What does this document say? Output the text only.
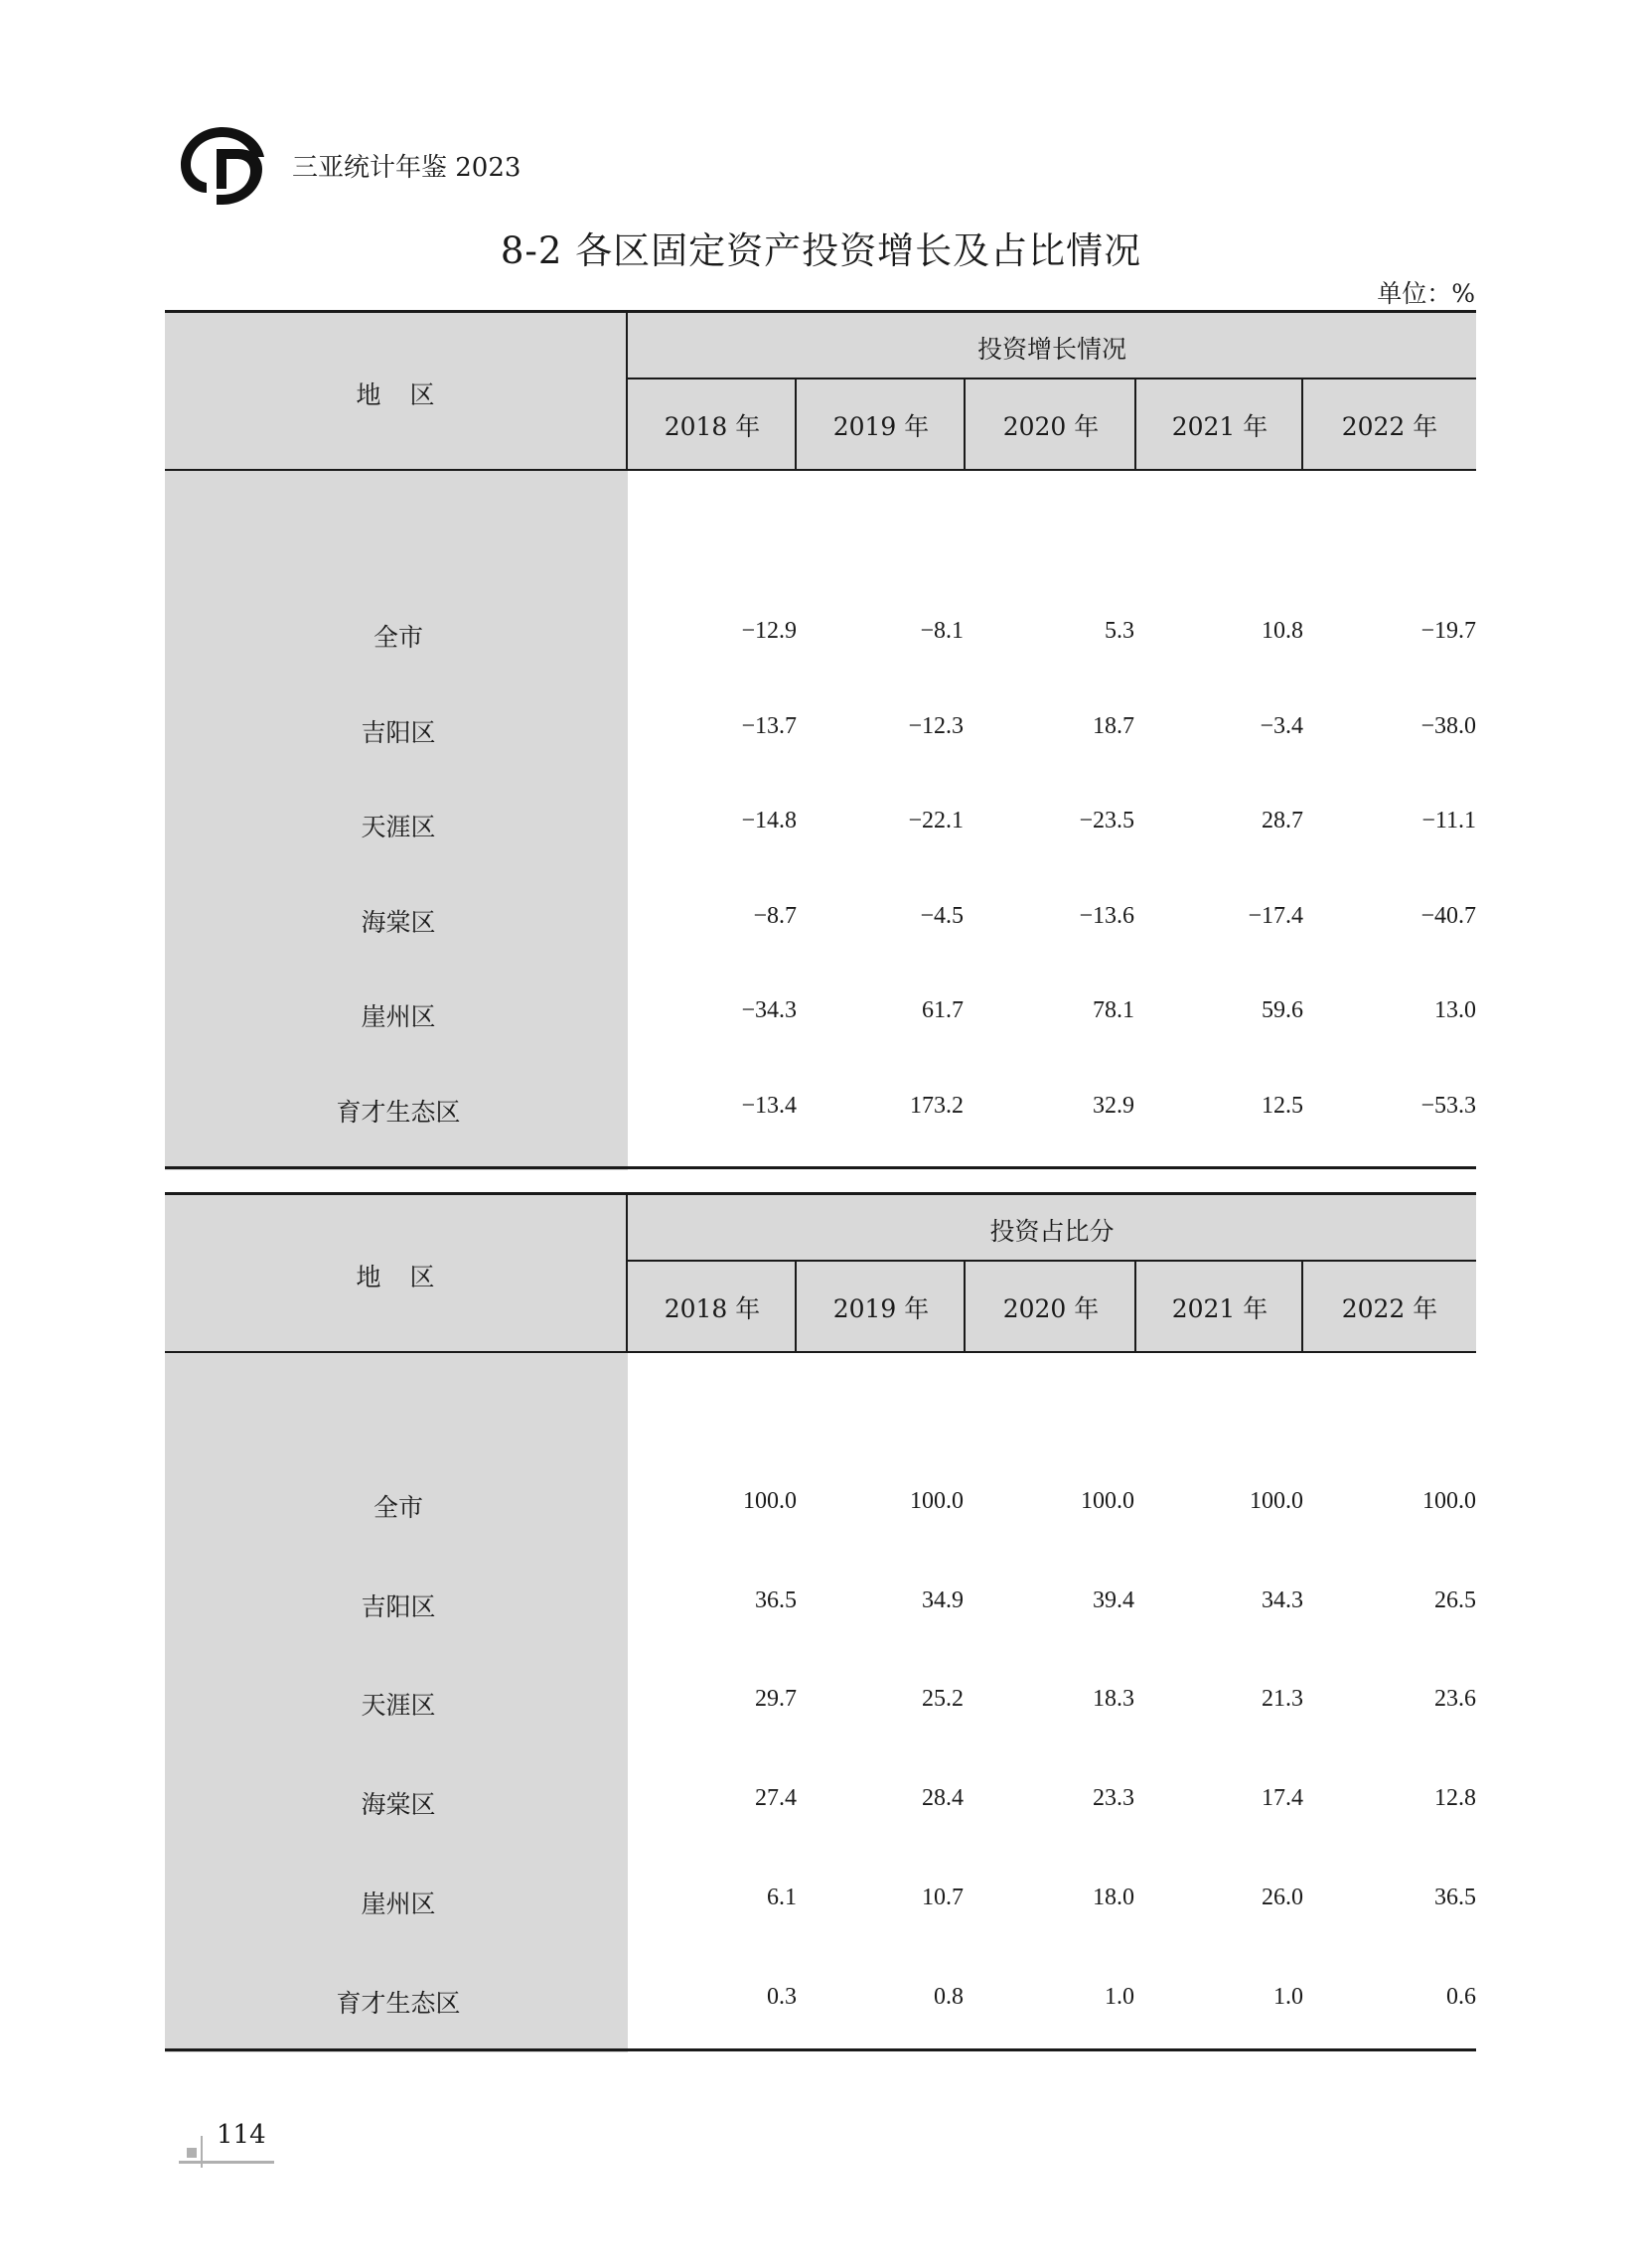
三亚统计年鉴 2023
8-2 各区固定资产投资增长及占比情况
单位：%
地　区
投资增长情况
2018 年	2019 年	2020 年	2021 年	2022 年
全市	−12.9	−8.1	5.3	10.8	−19.7
吉阳区	−13.7	−12.3	18.7	−3.4	−38.0
天涯区	−14.8	−22.1	−23.5	28.7	−11.1
海棠区	−8.7	−4.5	−13.6	−17.4	−40.7
崖州区	−34.3	61.7	78.1	59.6	13.0
育才生态区	−13.4	173.2	32.9	12.5	−53.3
地　区
投资占比分
2018 年	2019 年	2020 年	2021 年	2022 年
全市	100.0	100.0	100.0	100.0	100.0
吉阳区	36.5	34.9	39.4	34.3	26.5
天涯区	29.7	25.2	18.3	21.3	23.6
海棠区	27.4	28.4	23.3	17.4	12.8
崖州区	6.1	10.7	18.0	26.0	36.5
育才生态区	0.3	0.8	1.0	1.0	0.6
114
